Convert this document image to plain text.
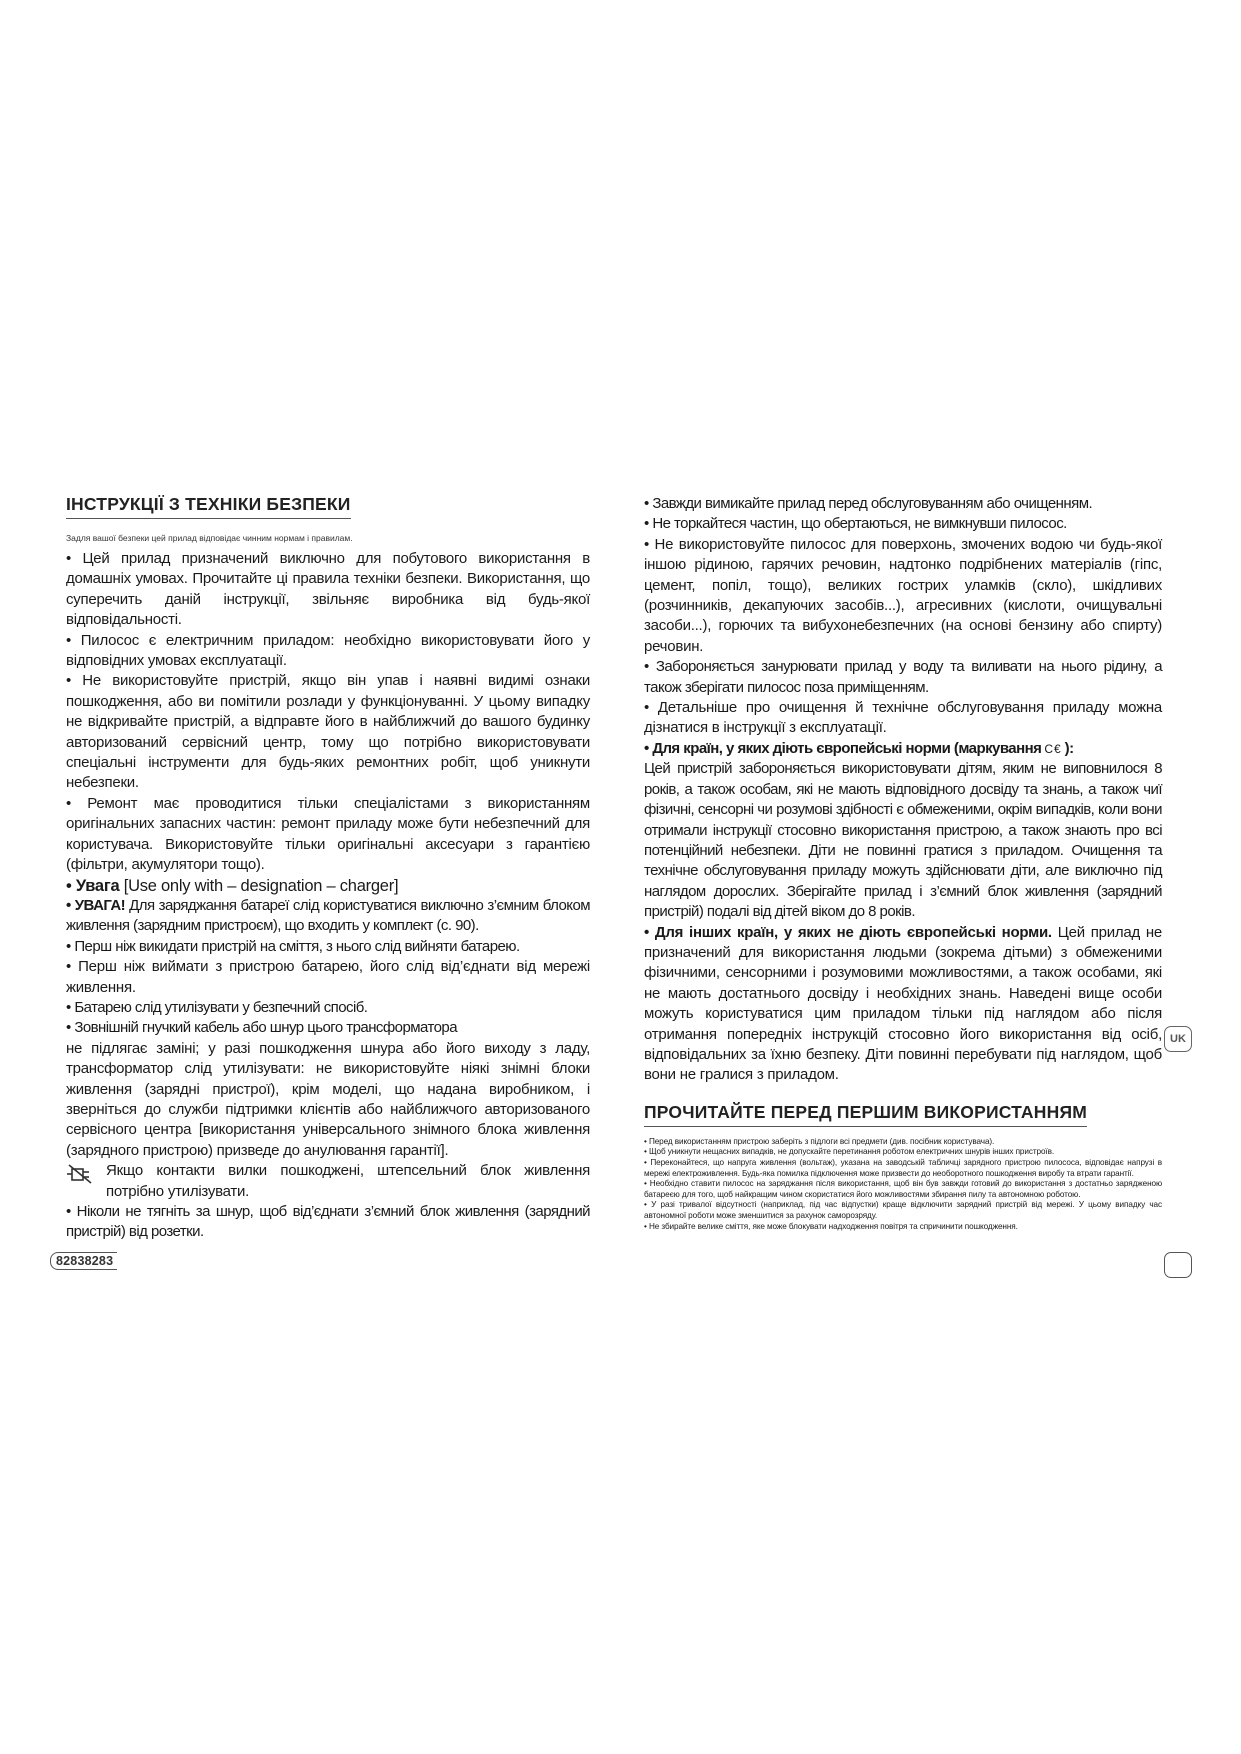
ІНСТРУКЦІЇ З ТЕХНІКИ БЕЗПЕКИ
Задля вашої безпеки цей прилад відповідає чинним нормам і правилам.

• Цей прилад призначений виключно для побутового використання в домашніх умовах. Прочитайте ці правила техніки безпеки. Використання, що суперечить даній інструкції, звільняє виробника від будь-якої відповідальності.

• Пилосос є електричним приладом: необхідно використовувати його у відповідних умовах експлуатації.

• Не використовуйте пристрій, якщо він упав і наявні видимі ознаки пошкодження, або ви помітили розлади у функціонуванні. У цьому випадку не відкривайте пристрій, а відправте його в найближчий до вашого будинку авторизований сервісний центр, тому що потрібно використовувати спеціальні інструменти для будь-яких ремонтних робіт, щоб уникнути небезпеки.

• Ремонт має проводитися тільки спеціалістами з використанням оригінальних запасних частин: ремонт приладу може бути небезпечний для користувача. Використовуйте тільки оригінальні аксесуари з гарантією (фільтри, акумулятори тощо).

• Увага [Use only with – designation – charger]

• УВАГА! Для заряджання батареї слід користуватися виключно з’ємним блоком живлення (зарядним пристроєм), що входить у комплект (с. 90).

• Перш ніж викидати пристрій на сміття, з нього слід вийняти батарею.

• Перш ніж виймати з пристрою батарею, його слід від’єднати від мережі живлення.

• Батарею слід утилізувати у безпечний спосіб.

• Зовнішній гнучкий кабель або шнур цього трансформатора

не підлягає заміні; у разі пошкодження шнура або його виходу з ладу, трансформатор слід утилізувати: не використовуйте ніякі знімні блоки живлення (зарядні пристрої), крім моделі, що надана виробником, і зверніться до служби підтримки клієнтів або найближчого авторизованого сервісного центра [використання універсального знімного блока живлення (зарядного пристрою) призведе до анулювання гарантії].

Якщо контакти вилки пошкоджені, штепсельний блок живлення потрібно утилізувати.

• Ніколи не тягніть за шнур, щоб від’єднати з’ємний блок живлення (зарядний пристрій) від розетки.

• Завжди вимикайте прилад перед обслуговуванням або очищенням.

• Не торкайтеся частин, що обертаються, не вимкнувши пилосос.

• Не використовуйте пилосос для поверхонь, змочених водою чи будь-якої іншою рідиною, гарячих речовин, надтонко подрібнених матеріалів (гіпс, цемент, попіл, тощо), великих гострих уламків (скло), шкідливих (розчинників, декапуючих засобів...), агресивних (кислоти, очищувальні засоби...), горючих та вибухонебезпечних (на основі бензину або спирту) речовин.

• Забороняється занурювати прилад у воду та виливати на нього рідину, а також зберігати пилосос поза приміщенням.

• Детальніше про очищення й технічне обслуговування приладу можна дізнатися в інструкції з експлуатації.

• Для країн, у яких діють європейські норми (маркування C€ ):
Цей пристрій забороняється використовувати дітям, яким не виповнилося 8 років, а також особам, які не мають відповідного досвіду та знань, а також чиї фізичні, сенсорні чи розумові здібності є обмеженими, окрім випадків, коли вони отримали інструкції стосовно використання пристрою, а також знають про всі потенційний небезпеки. Діти не повинні гратися з приладом. Очищення та технічне обслуговування приладу можуть здійснювати діти, але виключно під наглядом дорослих. Зберігайте прилад і з’ємний блок живлення (зарядний пристрій) подалі від дітей віком до 8 років.

• Для інших країн, у яких не діють європейські норми. Цей прилад не призначений для використання людьми (зокрема дітьми) з обмеженими фізичними, сенсорними і розумовими можливостями, а також особами, які не мають достатнього досвіду і необхідних знань. Наведені вище особи можуть користуватися цим приладом тільки під наглядом або після отримання попередніх інструкцій стосовно його використання від осіб, відповідальних за їхню безпеку. Діти повинні перебувати під наглядом, щоб вони не гралися з приладом.

ПРОЧИТАЙТЕ ПЕРЕД ПЕРШИМ ВИКОРИСТАННЯМ
• Перед використанням пристрою заберіть з підлоги всі предмети (див. посібник користувача).
• Щоб уникнути нещасних випадків, не допускайте перетинання роботом електричних шнурів інших пристроїв.
• Переконайтеся, що напруга живлення (вольтаж), указана на заводській табличці зарядного пристрою пилососа, відповідає напрузі в мережі електроживлення. Будь-яка помилка підключення може призвести до необоротного пошкодження виробу та втрати гарантії.
• Необхідно ставити пилосос на заряджання після використання, щоб він був завжди готовий до використання з достатньо зарядженою батареєю для того, щоб найкращим чином скористатися його можливостями збирання пилу та автономною роботою.
• У разі тривалої відсутності (наприклад, під час відпустки) краще відключити зарядний пристрій від мережі. У цьому випадку час автономної роботи може зменшитися за рахунок саморозряду.
• Не збирайте велике сміття, яке може блокувати надходження повітря та спричинити пошкодження.
82838283
UK
